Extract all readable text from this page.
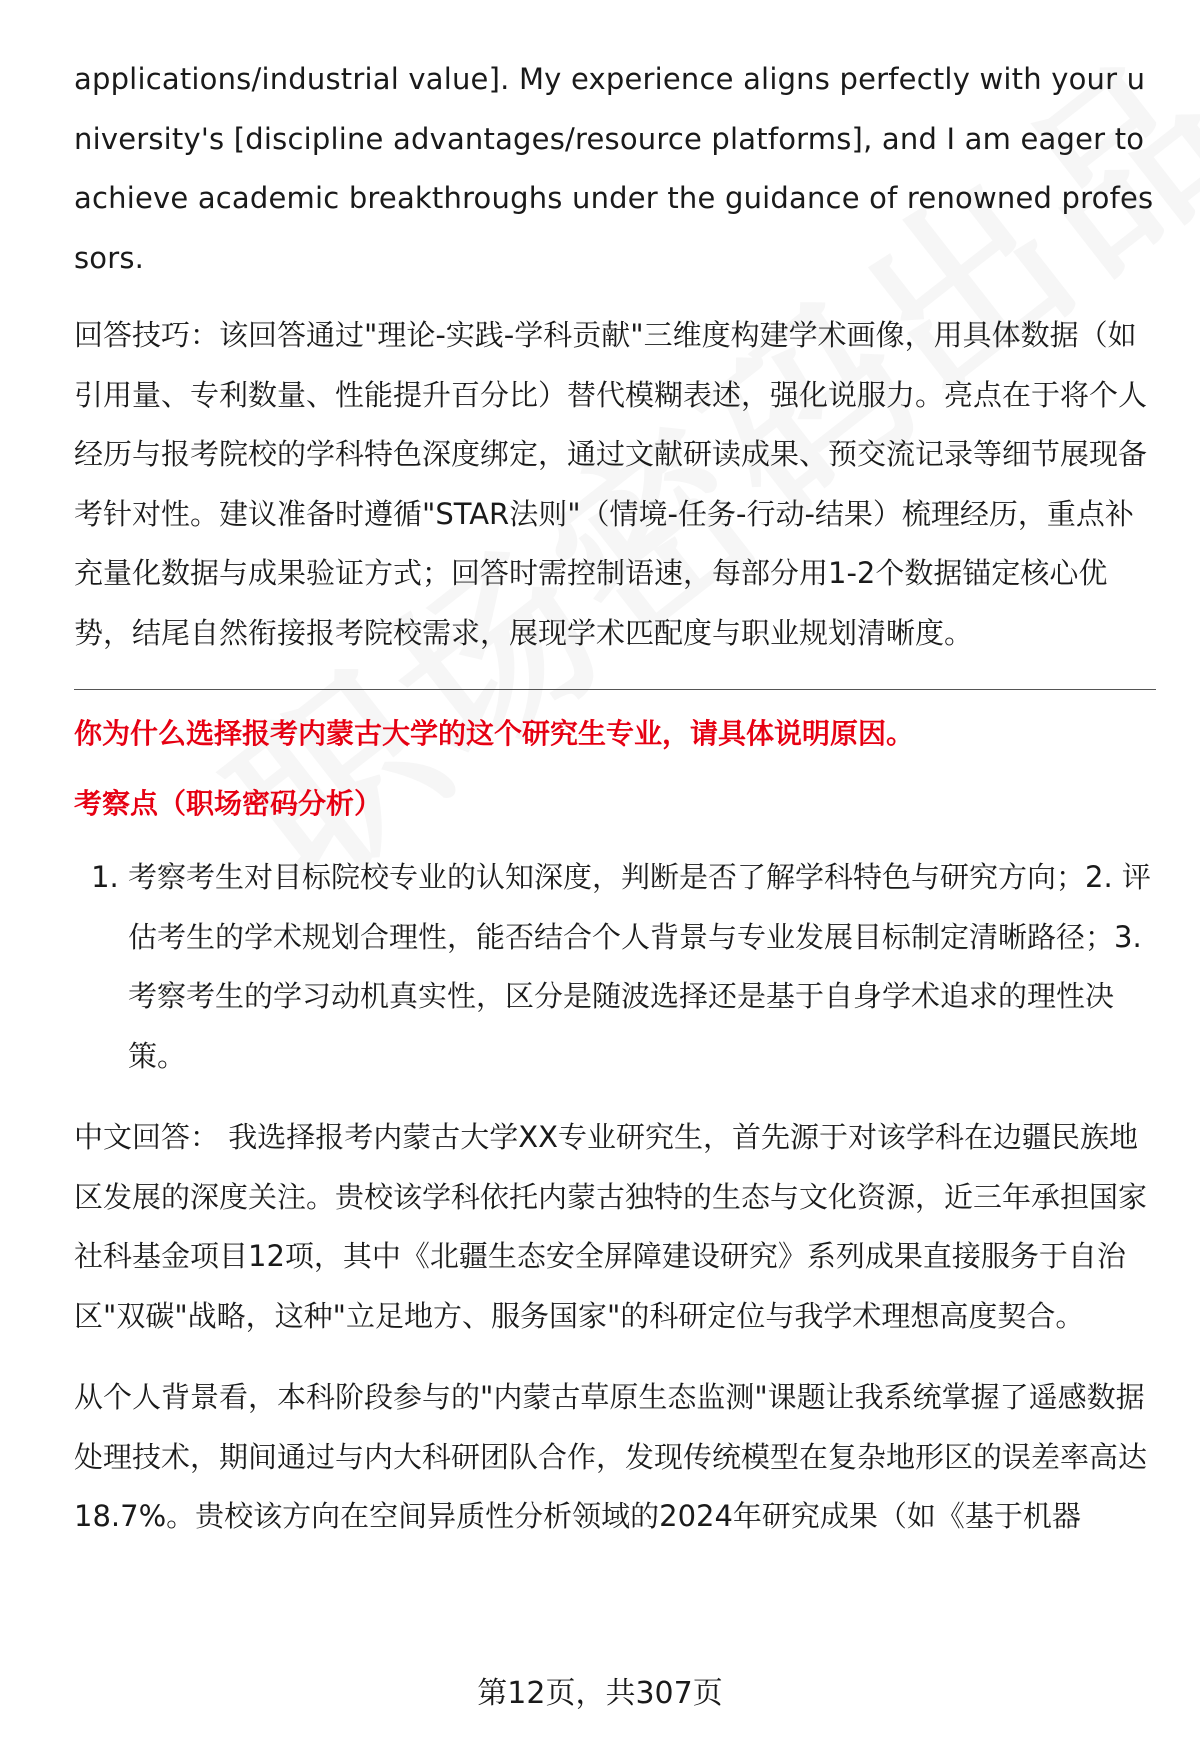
applications/industrial value]. My experience aligns perfectly with your university's [discipline advantages/resource platforms], and I am eager to achieve academic breakthroughs under the guidance of renowned professors.

回答技巧：该回答通过"理论-实践-学科贡献"三维度构建学术画像，用具体数据（如引用量、专利数量、性能提升百分比）替代模糊表述，强化说服力。亮点在于将个人经历与报考院校的学科特色深度绑定，通过文献研读成果、预交流记录等细节展现备考针对性。建议准备时遵循"STAR法则"（情境-任务-行动-结果）梳理经历，重点补充量化数据与成果验证方式；回答时需控制语速，每部分用1-2个数据锚定核心优势，结尾自然衔接报考院校需求，展现学术匹配度与职业规划清晰度。

你为什么选择报考内蒙古大学的这个研究生专业，请具体说明原因。

考察点（职场密码分析）

1. 考察考生对目标院校专业的认知深度，判断是否了解学科特色与研究方向；2. 评估考生的学术规划合理性，能否结合个人背景与专业发展目标制定清晰路径；3. 考察考生的学习动机真实性，区分是随波选择还是基于自身学术追求的理性决策。

中文回答： 我选择报考内蒙古大学XX专业研究生，首先源于对该学科在边疆民族地区发展的深度关注。贵校该学科依托内蒙古独特的生态与文化资源，近三年承担国家社科基金项目12项，其中《北疆生态安全屏障建设研究》系列成果直接服务于自治区"双碳"战略，这种"立足地方、服务国家"的科研定位与我学术理想高度契合。

从个人背景看，本科阶段参与的"内蒙古草原生态监测"课题让我系统掌握了遥感数据处理技术，期间通过与内大科研团队合作，发现传统模型在复杂地形区的误差率高达18.7%。贵校该方向在空间异质性分析领域的2024年研究成果（如《基于机器

第12页，共307页
